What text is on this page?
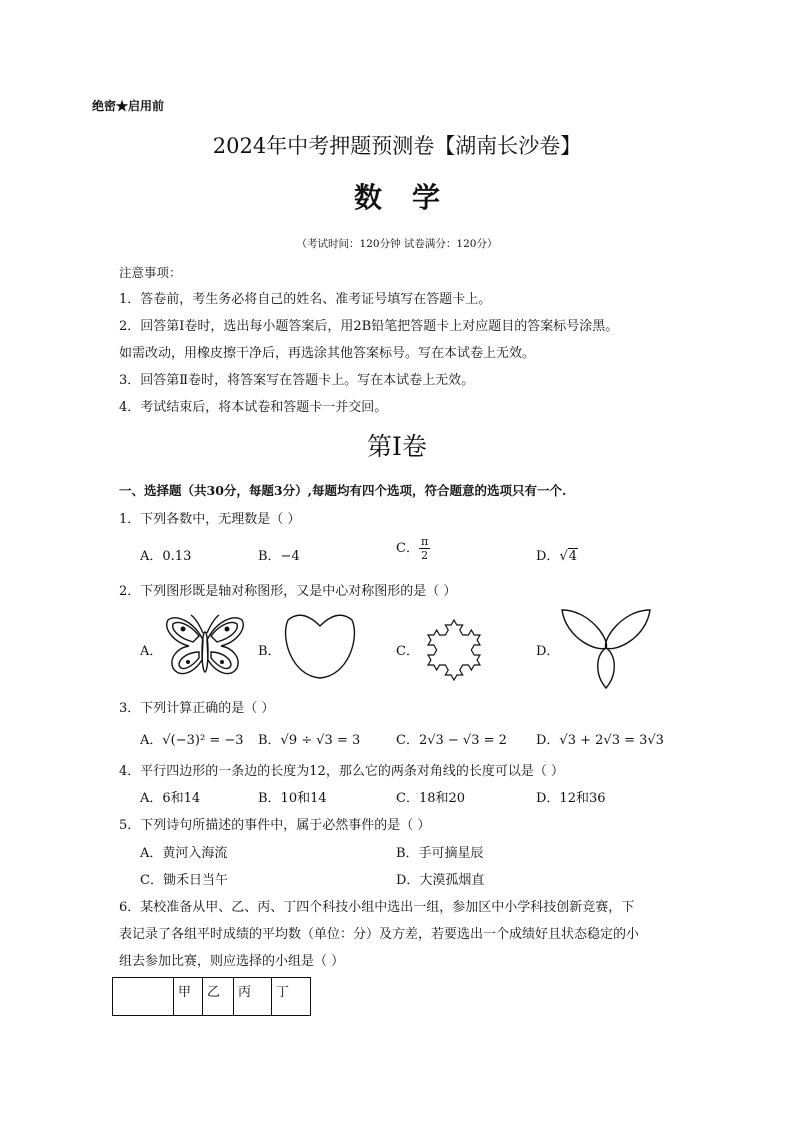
绝密★启用前
2024年中考押题预测卷【湖南长沙卷】
数学
（考试时间：120分钟 试卷满分：120分）
注意事项：
1．答卷前，考生务必将自己的姓名、准考证号填写在答题卡上。
2．回答第Ⅰ卷时，选出每小题答案后，用2B铅笔把答题卡上对应题目的答案标号涂黑。
如需改动，用橡皮擦干净后，再选涂其他答案标号。写在本试卷上无效。
3．回答第Ⅱ卷时，将答案写在答题卡上。写在本试卷上无效。
4．考试结束后，将本试卷和答题卡一并交回。
第Ⅰ卷
一、选择题（共30分，每题3分）,每题均有四个选项，符合题意的选项只有一个.
1．下列各数中，无理数是（ ）
A．0.13	B．−4
C． $\frac{\pi}{2}$	D．√4
2．下列图形既是轴对称图形，又是中心对称图形的是（ ）
A．	B．	C．	D．
3．下列计算正确的是（ ）
A．√(−3)² = −3 B．√9 ÷ √3 = 3	C．2√3 − √3 = 2 D．√3 + 2√3 = 3√3
4．平行四边形的一条边的长度为12，那么它的两条对角线的长度可以是（ ）
A．6和14	B．10和14	C．18和20	D．12和36
5．下列诗句所描述的事件中，属于必然事件的是（ ）
A．黄河入海流	B．手可摘星辰
C．锄禾日当午	D．大漠孤烟直
6．某校准备从甲、乙、丙、丁四个科技小组中选出一组，参加区中小学科技创新竞赛，下
表记录了各组平时成绩的平均数（单位：分）及方差，若要选出一个成绩好且状态稳定的小
组去参加比赛，则应选择的小组是（ ）
	甲	乙	丙	丁
